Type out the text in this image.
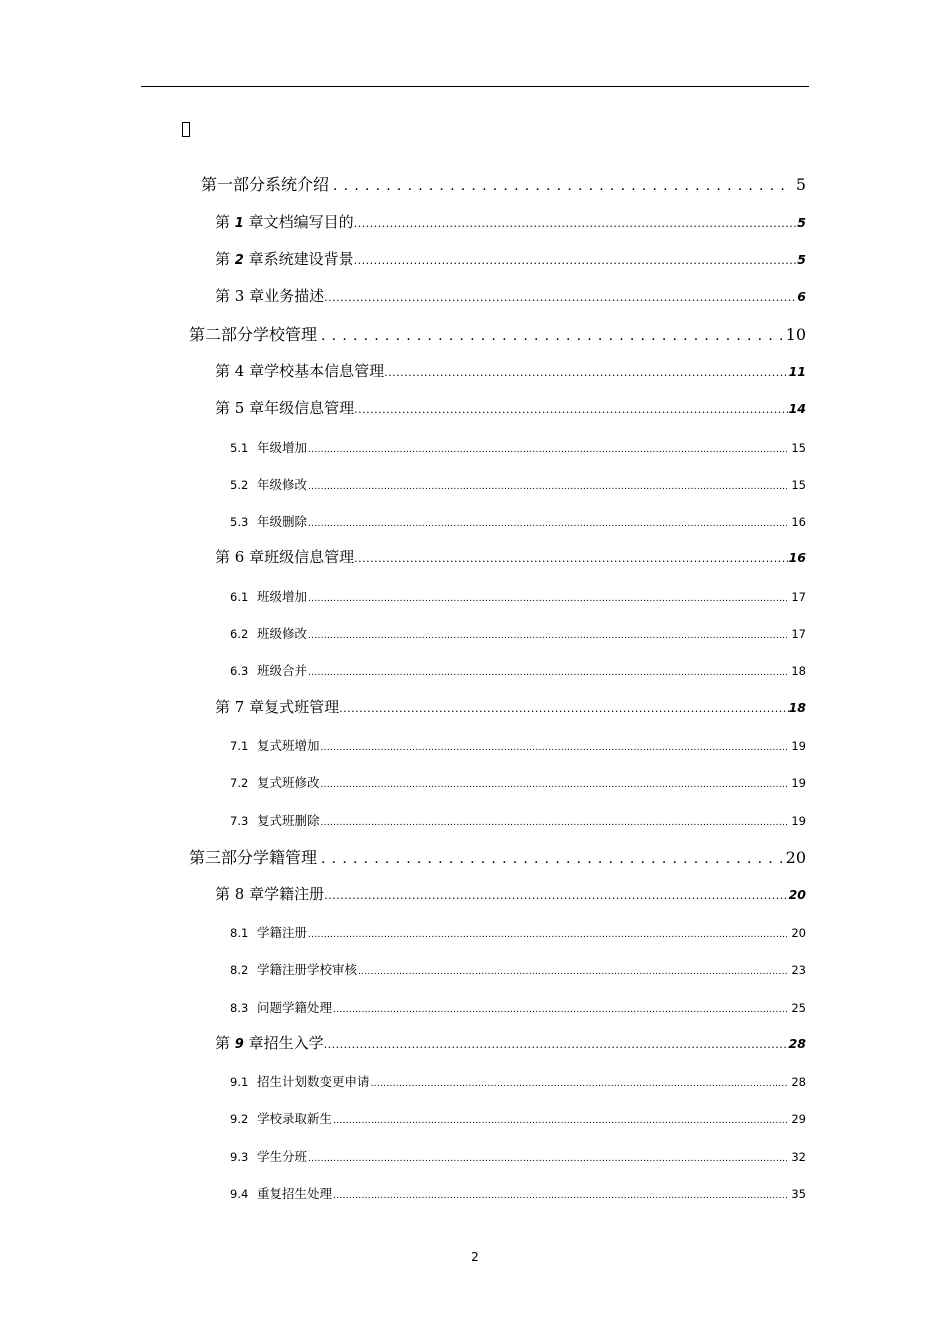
第一部分系统介绍 .....	5
第 1 章文档编写目的 .....	5
第 2 章系统建设背景 .....	5
第 3 章业务描述 .....	6
第二部分学校管理 .....	10
第 4 章学校基本信息管理 .....	11
第 5 章年级信息管理 .....	14
5.1 年级增加 .....	15
5.2 年级修改 .....	15
5.3 年级删除 .....	16
第 6 章班级信息管理 .....	16
6.1 班级增加 .....	17
6.2 班级修改 .....	17
6.3 班级合并 .....	18
第 7 章复式班管理 .....	18
7.1 复式班增加 .....	19
7.2 复式班修改 .....	19
7.3 复式班删除 .....	19
第三部分学籍管理 .....	20
第 8 章学籍注册 .....	20
8.1 学籍注册 .....	20
8.2 学籍注册学校审核 .....	23
8.3 问题学籍处理 .....	25
第 9 章招生入学 .....	28
9.1 招生计划数变更申请 .....	28
9.2 学校录取新生 .....	29
9.3 学生分班 .....	32
9.4 重复招生处理 .....	35
2
